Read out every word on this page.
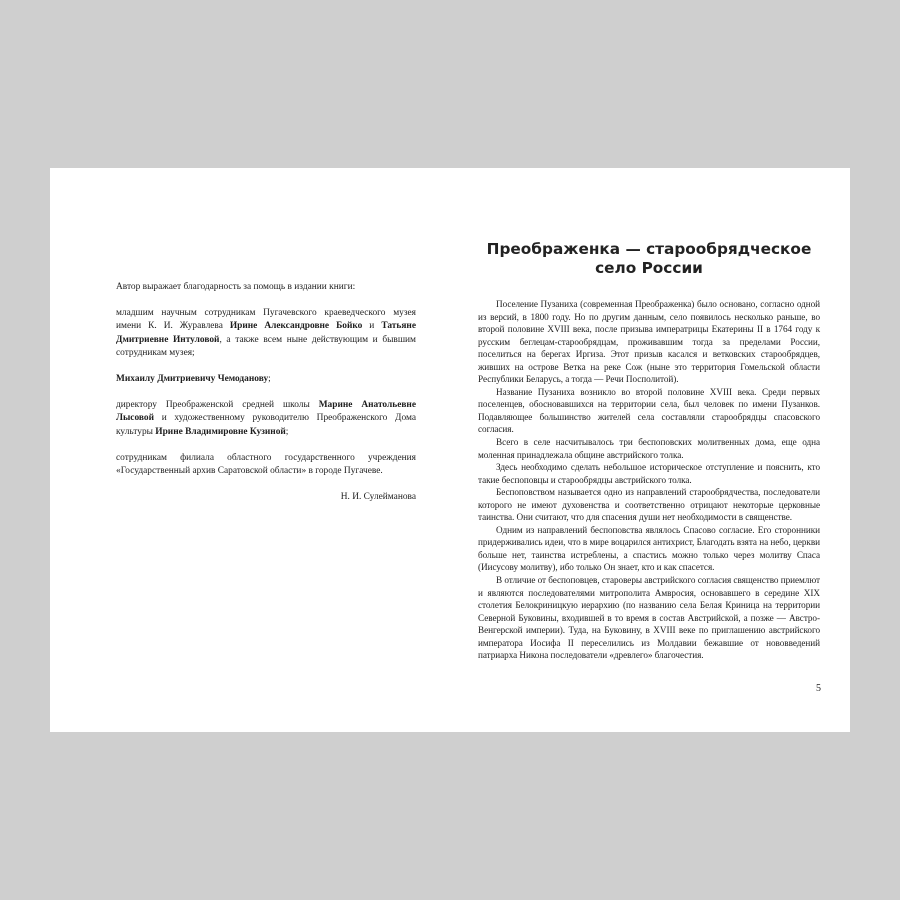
Автор выражает благодарность за помощь в издании книги:

младшим научным сотрудникам Пугачевского краеведческого музея имени К. И. Журавлева Ирине Александровне Бойко и Татьяне Дмитриевне Интуловой, а также всем ныне действующим и бывшим сотрудникам музея;

Михаилу Дмитриевичу Чемоданову;

директору Преображенской средней школы Марине Анатольевне Лысовой и художественному руководителю Преображенского Дома культуры Ирине Владимировне Кузиной;

сотрудникам филиала областного государственного учреждения «Государственный архив Саратовской области» в городе Пугачеве.

Н. И. Сулейманова

Преображенка — старообрядческое
село России

Поселение Пузаниха (современная Преображенка) было основано, согласно одной из версий, в 1800 году. Но по другим данным, село появилось несколько раньше, во второй половине XVIII века, после призыва императрицы Екатерины II в 1764 году к русским беглецам-старообрядцам, проживавшим тогда за пределами России, поселиться на берегах Иргиза. Этот призыв касался и ветковских старообрядцев, живших на острове Ветка на реке Сож (ныне это территория Гомельской области Республики Беларусь, а тогда — Речи Посполитой).

Название Пузаниха возникло во второй половине XVIII века. Среди первых поселенцев, обосновавшихся на территории села, был человек по имени Пузанков. Подавляющее большинство жителей села составляли старообрядцы спасовского согласия.

Всего в селе насчитывалось три беспоповских молитвенных дома, еще одна моленная принадлежала общине австрийского толка.

Здесь необходимо сделать небольшое историческое отступление и пояснить, кто такие беспоповцы и старообрядцы австрийского толка.

Беспоповством называется одно из направлений старообрядчества, последователи которого не имеют духовенства и соответственно отрицают некоторые церковные таинства. Они считают, что для спасения души нет необходимости в священстве.

Одним из направлений беспоповства являлось Спасово согласие. Его сторонники придерживались идеи, что в мире воцарился антихрист, Благодать взята на небо, церкви больше нет, таинства истреблены, а спастись можно только через молитву Спаса (Иисусову молитву), ибо только Он знает, кто и как спасется.

В отличие от беспоповцев, староверы австрийского согласия священство приемлют и являются последователями митрополита Амвросия, основавшего в середине XIX столетия Белокриницкую иерархию (по названию села Белая Криница на территории Северной Буковины, входившей в то время в состав Австрийской, а позже — Австро-Венгерской империи). Туда, на Буковину, в XVIII веке по приглашению австрийского императора Иосифа II переселились из Молдавии бежавшие от нововведений патриарха Никона последователи «древлего» благочестия.

5
